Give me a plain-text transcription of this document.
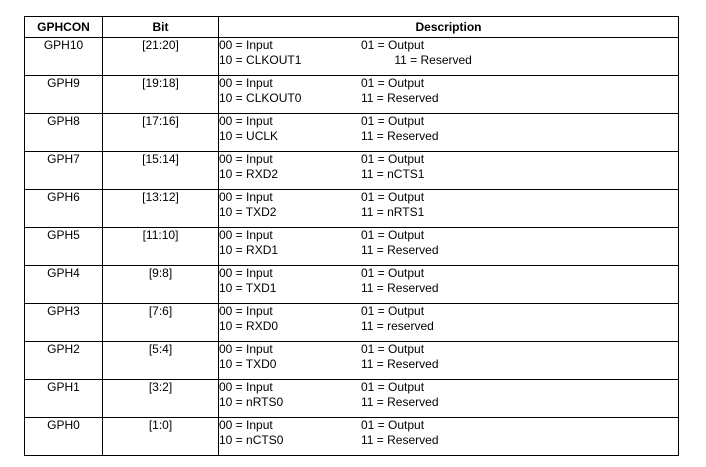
GPHCON	Bit	Description
GPH10	[21:20]	00 = Input 01 = Output
10 = CLKOUT1 11 = Reserved

GPH9	[19:18]	00 = Input 01 = Output
10 = CLKOUT0 11 = Reserved

GPH8	[17:16]	00 = Input 01 = Output
10 = UCLK 11 = Reserved

GPH7	[15:14]	00 = Input 01 = Output
10 = RXD2 11 = nCTS1

GPH6	[13:12]	00 = Input 01 = Output
10 = TXD2 11 = nRTS1

GPH5	[11:10]	00 = Input 01 = Output
10 = RXD1 11 = Reserved

GPH4	[9:8]	00 = Input 01 = Output
10 = TXD1 11 = Reserved

GPH3	[7:6]	00 = Input 01 = Output
10 = RXD0 11 = reserved

GPH2	[5:4]	00 = Input 01 = Output
10 = TXD0 11 = Reserved

GPH1	[3:2]	00 = Input 01 = Output
10 = nRTS0 11 = Reserved

GPH0	[1:0]	00 = Input 01 = Output
10 = nCTS0 11 = Reserved
